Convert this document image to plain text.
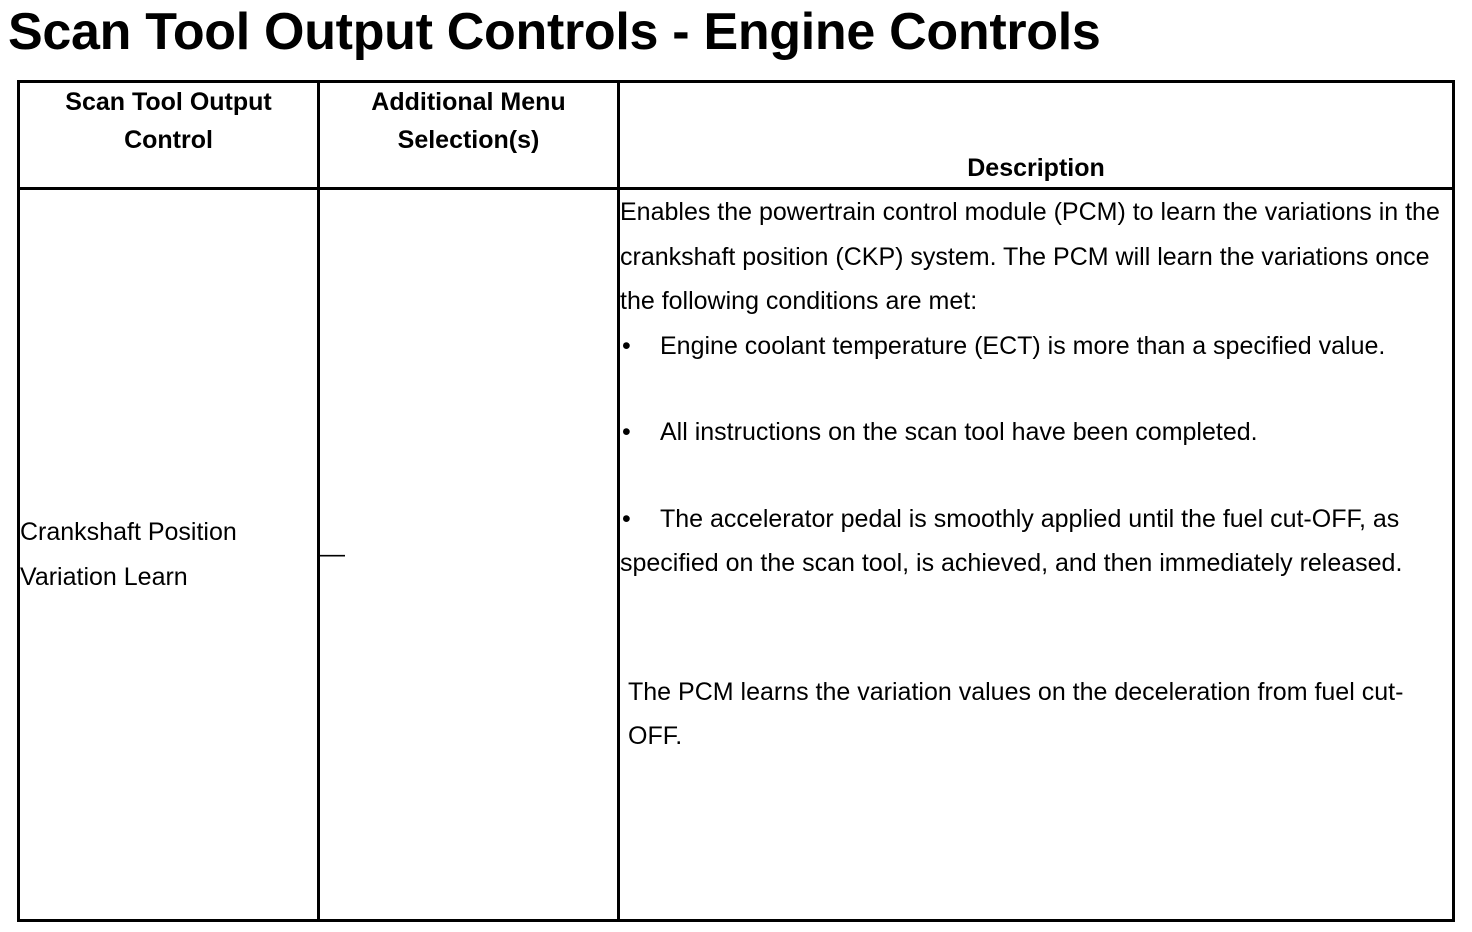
Scan Tool Output Controls - Engine Controls
Scan Tool Output Control	Additional Menu Selection(s)	Description
Crankshaft Position Variation Learn	—	Enables the powertrain control module (PCM) to learn the variations in the crankshaft position (CKP) system. The PCM will learn the variations once the following conditions are met:
• Engine coolant temperature (ECT) is more than a specified value.
• All instructions on the scan tool have been completed.
• The accelerator pedal is smoothly applied until the fuel cut-OFF, as specified on the scan tool, is achieved, and then immediately released.
The PCM learns the variation values on the deceleration from fuel cut-OFF.
